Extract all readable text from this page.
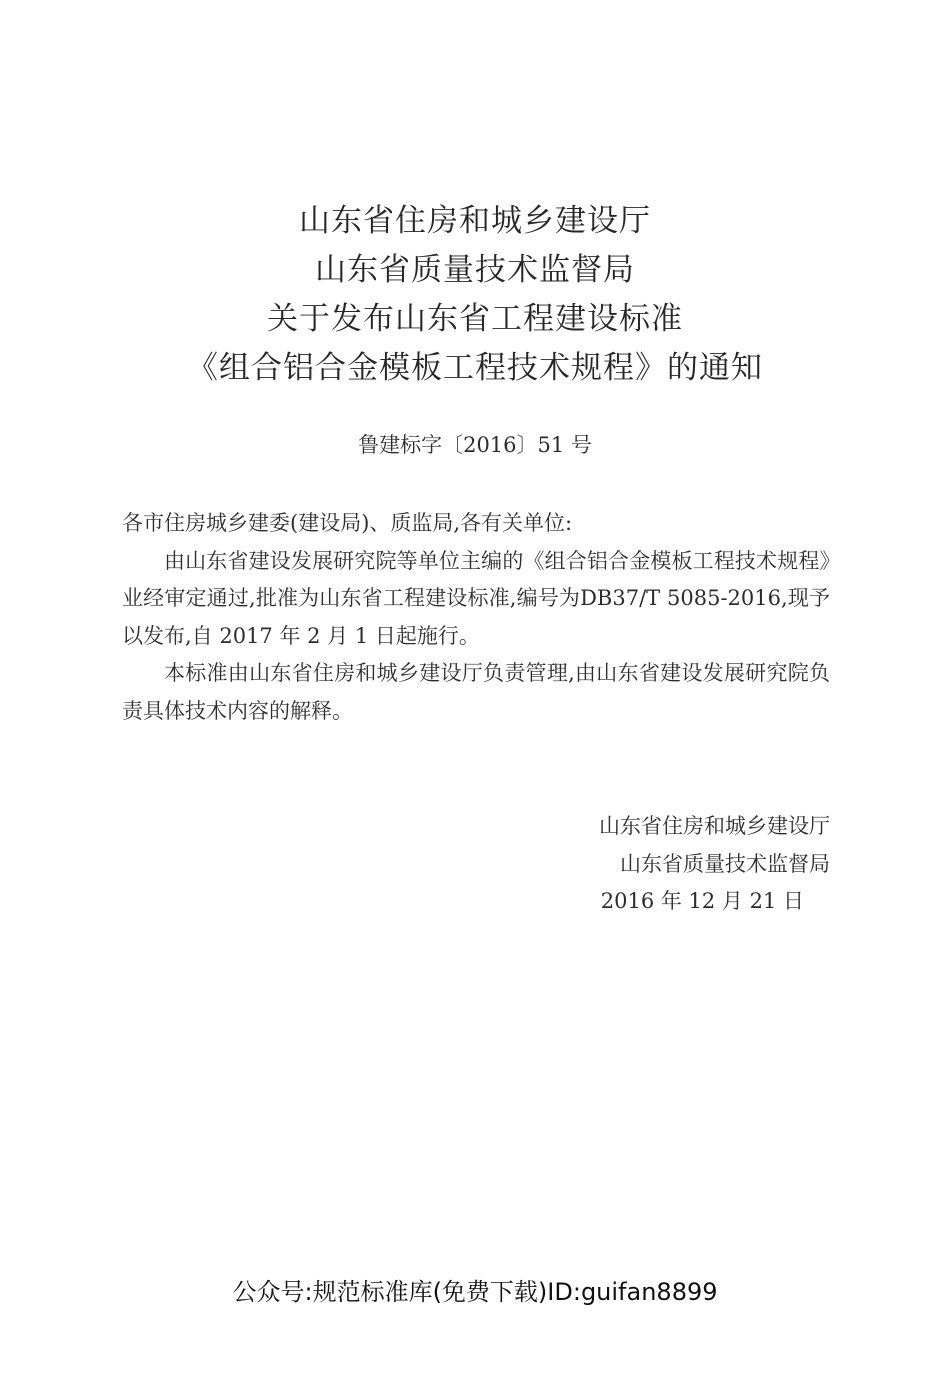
山东省住房和城乡建设厅
山东省质量技术监督局
关于发布山东省工程建设标准
《组合铝合金模板工程技术规程》的通知
鲁建标字〔2016〕51 号

各市住房城乡建委(建设局)、质监局,各有关单位:

由山东省建设发展研究院等单位主编的《组合铝合金模板工程技术规程》业经审定通过,批准为山东省工程建设标准,编号为DB37/T 5085-2016,现予以发布,自 2017 年 2 月 1 日起施行。

本标准由山东省住房和城乡建设厅负责管理,由山东省建设发展研究院负责具体技术内容的解释。

山东省住房和城乡建设厅
山东省质量技术监督局
2016 年 12 月 21 日
公众号:规范标准库(免费下载)ID:guifan8899
